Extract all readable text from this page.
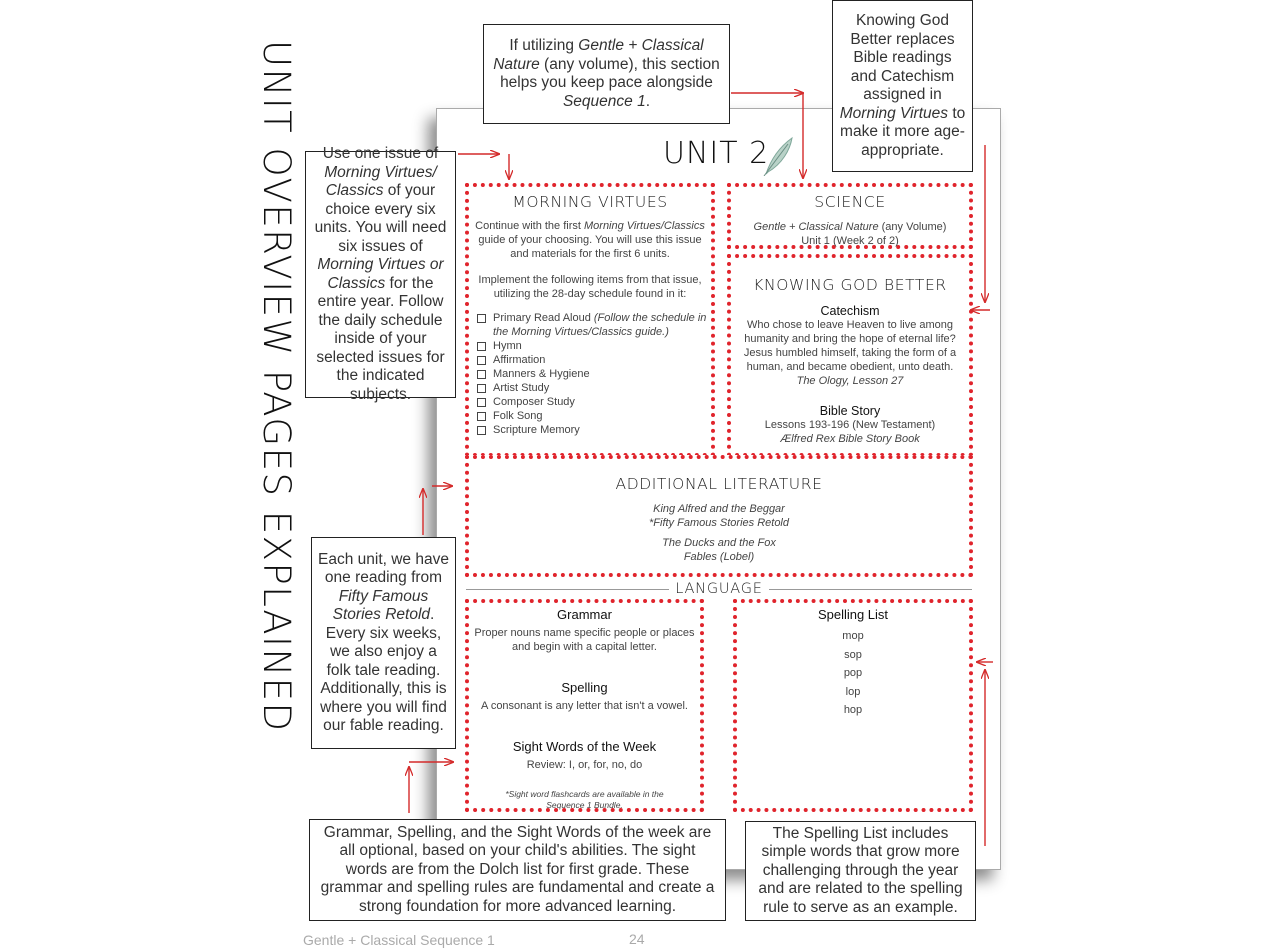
UNIT OVERVIEW PAGES EXPLAINED	UNIT 2
MORNING VIRTUES
Continue with the first Morning Virtues/Classics guide of your choosing. You will use this issue and materials for the first 6 units.
Implement the following items from that issue, utilizing the 28-day schedule found in it:
Primary Read Aloud (Follow the schedule in the Morning Virtues/Classics guide.)
Hymn
Affirmation
Manners & Hygiene
Artist Study
Composer Study
Folk Song
Scripture Memory
SCIENCE
Gentle + Classical Nature (any Volume)
Unit 1 (Week 2 of 2)
KNOWING GOD BETTER
Catechism
Who chose to leave Heaven to live among humanity and bring the hope of eternal life? Jesus humbled himself, taking the form of a human, and became obedient, unto death.
The Ology, Lesson 27
Bible Story
Lessons 193-196 (New Testament)
Ælfred Rex Bible Story Book
ADDITIONAL LITERATURE
King Alfred and the Beggar
*Fifty Famous Stories Retold
The Ducks and the Fox
Fables (Lobel)
LANGUAGE
Grammar
Proper nouns name specific people or places and begin with a capital letter.
Spelling
A consonant is any letter that isn't a vowel.
Sight Words of the Week
Review: I, or, for, no, do
*Sight word flashcards are available in the Sequence 1 Bundle.
Spelling List
mop
sop
pop
lop
hop
If utilizing Gentle + Classical Nature (any volume), this section helps you keep pace alongside Sequence 1.
Knowing God Better replaces Bible readings and Catechism assigned in Morning Virtues to make it more age-appropriate.
Use one issue of Morning Virtues/ Classics of your choice every six units. You will need six issues of Morning Virtues or Classics for the entire year. Follow the daily schedule inside of your selected issues for the indicated subjects.
Each unit, we have one reading from Fifty Famous Stories Retold. Every six weeks, we also enjoy a folk tale reading. Additionally, this is where you will find our fable reading.
Grammar, Spelling, and the Sight Words of the week are all optional, based on your child's abilities. The sight words are from the Dolch list for first grade. These grammar and spelling rules are fundamental and create a strong foundation for more advanced learning.
The Spelling List includes simple words that grow more challenging through the year and are related to the spelling rule to serve as an example.
Gentle + Classical Sequence 1	24
